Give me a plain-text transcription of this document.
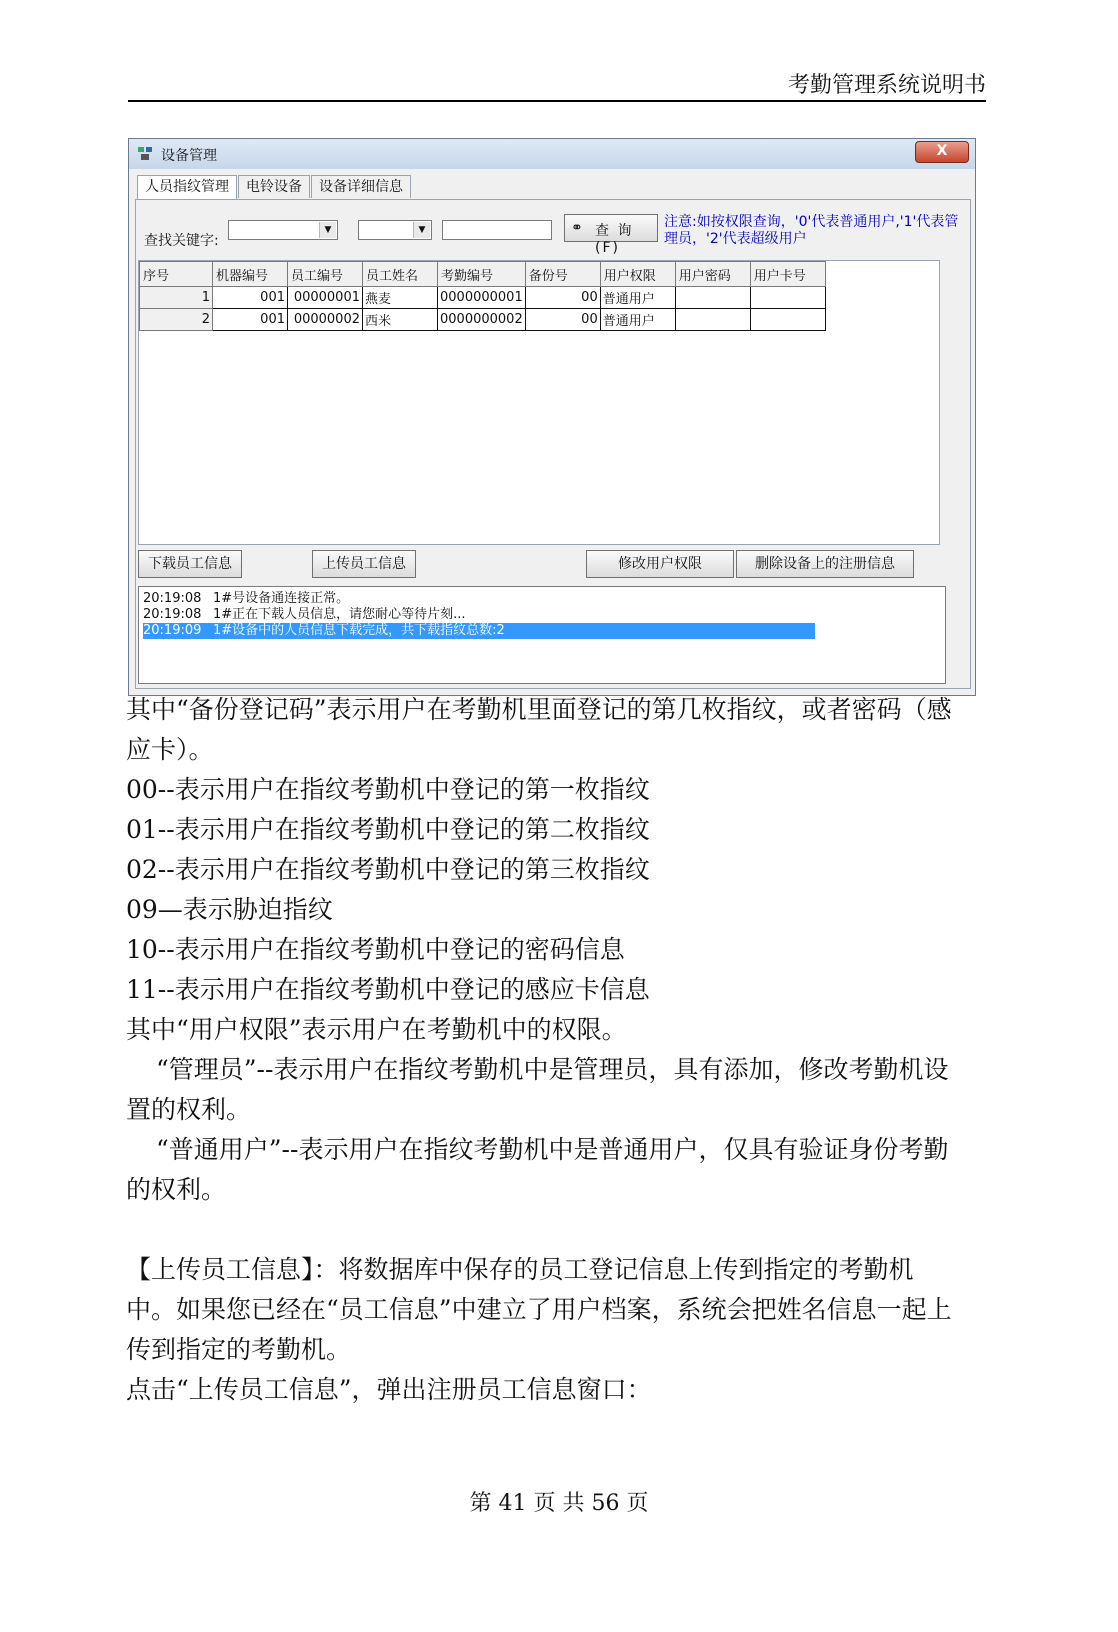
考勤管理系统说明书
设备管理	X
人员指纹管理	电铃设备	设备详细信息
查找关键字:
▼	▼	⚭ 查 询(F)
注意:如按权限查询，'0'代表普通用户,'1'代表管理员，'2'代表超级用户
序号	机器编号	员工编号	员工姓名	考勤编号	备份号	用户权限	用户密码	用户卡号
1	001	00000001	燕麦	0000000001	00	普通用户		
2	001	00000002	西米	0000000002	00	普通用户		
下载员工信息	上传员工信息	修改用户权限	删除设备上的注册信息
20:19:08 1#号设备通连接正常。
20:19:08 1#正在下载人员信息，请您耐心等待片刻...
20:19:09 1#设备中的人员信息下载完成，共下载指纹总数:2

其中“备份登记码”表示用户在考勤机里面登记的第几枚指纹，或者密码（感应卡）。

00--表示用户在指纹考勤机中登记的第一枚指纹

01--表示用户在指纹考勤机中登记的第二枚指纹

02--表示用户在指纹考勤机中登记的第三枚指纹

09—表示胁迫指纹

10--表示用户在指纹考勤机中登记的密码信息

11--表示用户在指纹考勤机中登记的感应卡信息

其中“用户权限”表示用户在考勤机中的权限。

“管理员”--表示用户在指纹考勤机中是管理员，具有添加，修改考勤机设置的权利。

“普通用户”--表示用户在指纹考勤机中是普通用户，仅具有验证身份考勤的权利。

【上传员工信息】：将数据库中保存的员工登记信息上传到指定的考勤机中。如果您已经在“员工信息”中建立了用户档案，系统会把姓名信息一起上传到指定的考勤机。

点击“上传员工信息”，弹出注册员工信息窗口：

第 41 页 共 56 页
